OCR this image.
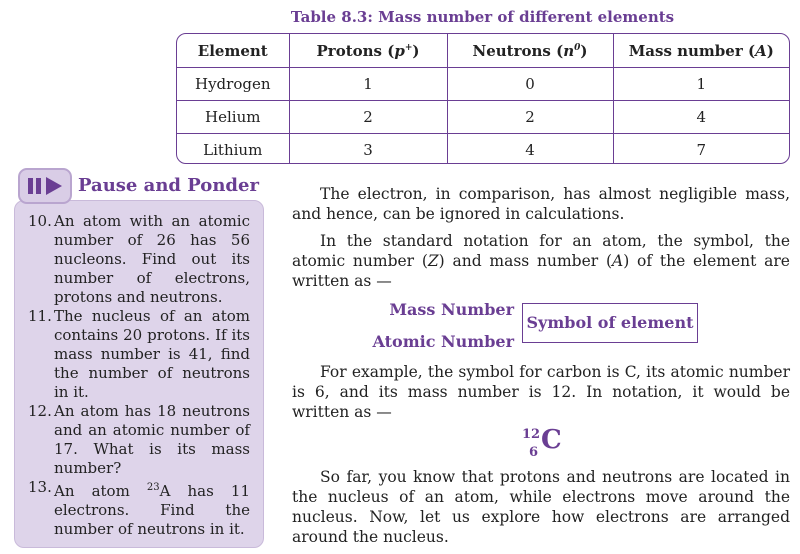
Table 8.3: Mass number of different elements
Element	Protons (p+)	Neutrons $(n^0)$	Mass number (A)
Hydrogen	1	0	1
Helium	2	2	4
Lithium	3	4	7
Pause and Ponder
10. An atom with an atomic number of 26 has 56 nucleons. Find out its number of electrons, protons and neutrons.
11. The nucleus of an atom contains 20 protons. If its mass number is 41, find the number of neutrons in it.
12. An atom has 18 neutrons and an atomic number of 17. What is its mass number?
13. An atom $^{23}$A has 11 electrons. Find the number of neutrons in it.

The electron, in comparison, has almost negligible mass, and hence, can be ignored in calculations.

In the standard notation for an atom, the symbol, the atomic number (Z) and mass number (A) of the element are written as —

Mass Number
Atomic Number
Symbol of element

For example, the symbol for carbon is C, its atomic number is 6, and its mass number is 12. In notation, it would be written as —

12
6 C

So far, you know that protons and neutrons are located in the nucleus of an atom, while electrons move around the nucleus. Now, let us explore how electrons are arranged around the nucleus.
